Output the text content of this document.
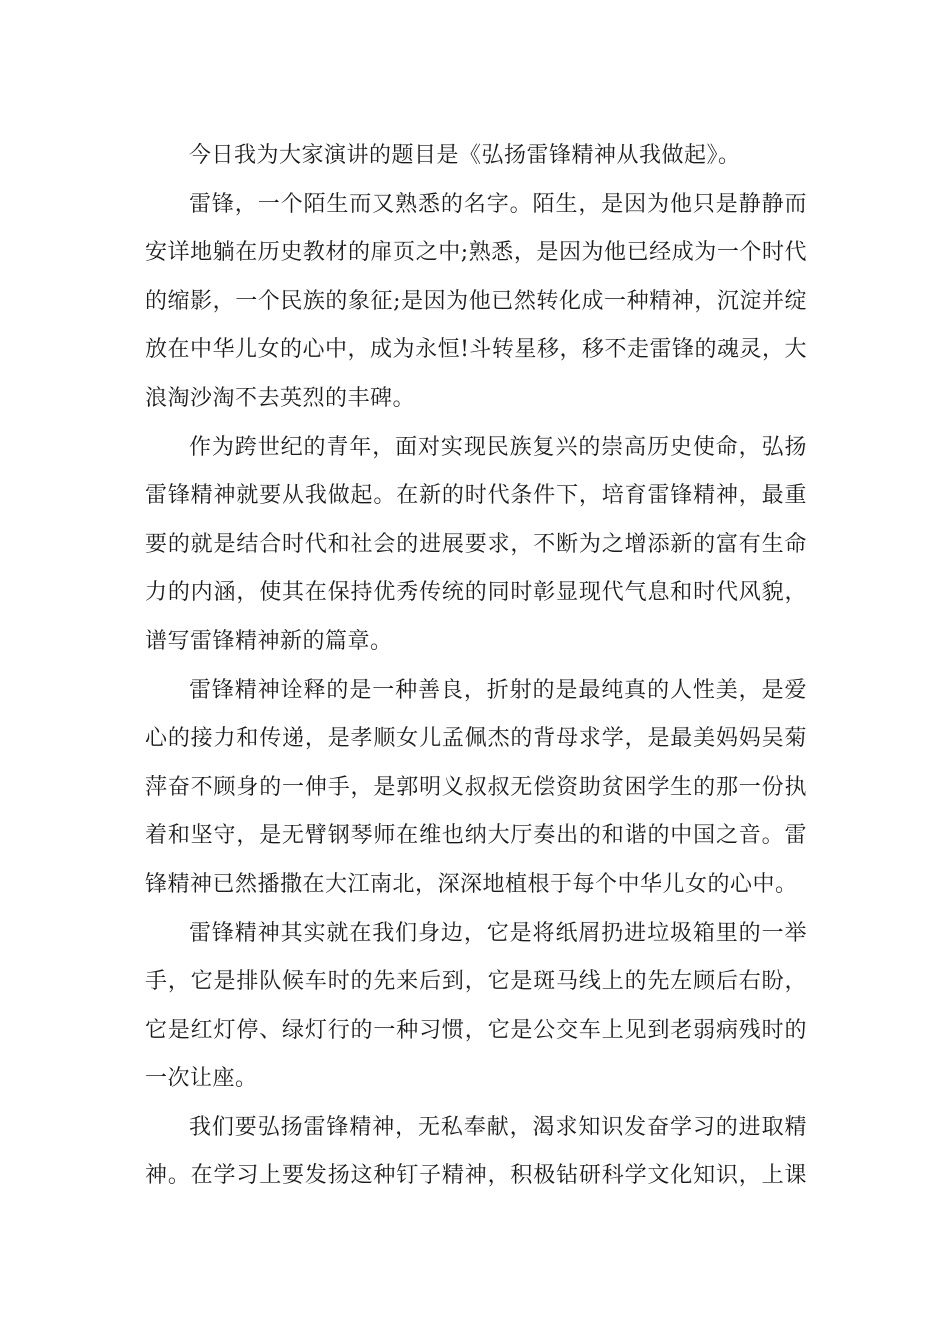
今日我为大家演讲的题目是《弘扬雷锋精神从我做起》。
雷锋，一个陌生而又熟悉的名字。陌生，是因为他只是静静而
安详地躺在历史教材的扉页之中;熟悉，是因为他已经成为一个时代
的缩影，一个民族的象征;是因为他已然转化成一种精神，沉淀并绽
放在中华儿女的心中，成为永恒!斗转星移，移不走雷锋的魂灵，大
浪淘沙淘不去英烈的丰碑。
作为跨世纪的青年，面对实现民族复兴的崇高历史使命，弘扬
雷锋精神就要从我做起。在新的时代条件下，培育雷锋精神，最重
要的就是结合时代和社会的进展要求，不断为之增添新的富有生命
力的内涵，使其在保持优秀传统的同时彰显现代气息和时代风貌，
谱写雷锋精神新的篇章。
雷锋精神诠释的是一种善良，折射的是最纯真的人性美，是爱
心的接力和传递，是孝顺女儿孟佩杰的背母求学，是最美妈妈吴菊
萍奋不顾身的一伸手，是郭明义叔叔无偿资助贫困学生的那一份执
着和坚守，是无臂钢琴师在维也纳大厅奏出的和谐的中国之音。雷
锋精神已然播撒在大江南北，深深地植根于每个中华儿女的心中。
雷锋精神其实就在我们身边，它是将纸屑扔进垃圾箱里的一举
手，它是排队候车时的先来后到，它是斑马线上的先左顾后右盼，
它是红灯停、绿灯行的一种习惯，它是公交车上见到老弱病残时的
一次让座。
我们要弘扬雷锋精神，无私奉献，渴求知识发奋学习的进取精
神。在学习上要发扬这种钉子精神，积极钻研科学文化知识，上课
